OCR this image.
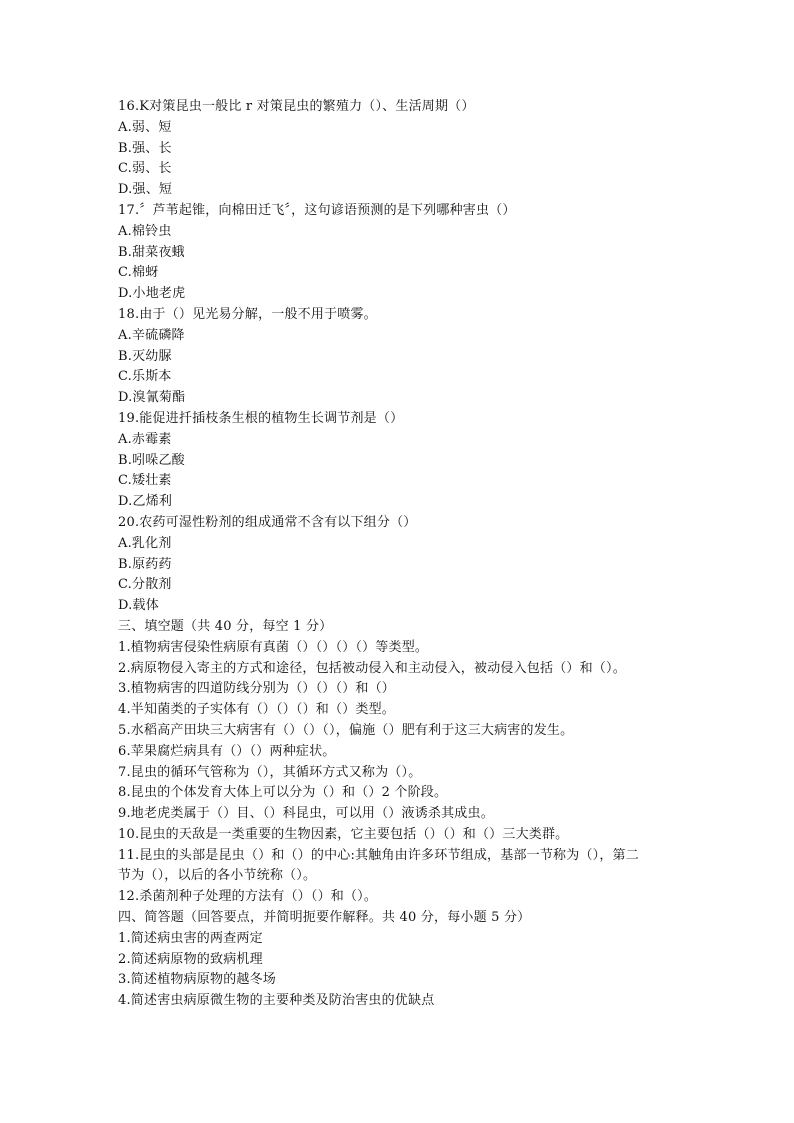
16.K对策昆虫一般比 r 对策昆虫的繁殖力（）、生活周期（）
A.弱、短
B.强、长
C.弱、长
D.强、短
17.〞芦苇起锥，向棉田迁飞〞，这句谚语预测的是下列哪种害虫（）
A.棉铃虫
B.甜菜夜蛾
C.棉蚜
D.小地老虎
18.由于（）见光易分解，一般不用于喷雾。
A.辛硫磷降
B.灭幼脲
C.乐斯本
D.溴氰菊酯
19.能促进扦插枝条生根的植物生长调节剂是（）
A.赤霉素
B.吲哚乙酸
C.矮壮素
D.乙烯利
20.农药可湿性粉剂的组成通常不含有以下组分（）
A.乳化剂
B.原药药
C.分散剂
D.载体
三、填空题（共 40 分，每空 1 分）
1.植物病害侵染性病原有真菌（）（）（）（）等类型。
2.病原物侵入寄主的方式和途径，包括被动侵入和主动侵入，被动侵入包括（）和（）。
3.植物病害的四道防线分别为（）（）（）和（）
4.半知菌类的子实体有（）（）（）和（）类型。
5.水稻高产田块三大病害有（）（）（），偏施（）肥有利于这三大病害的发生。
6.苹果腐烂病具有（）（）两种症状。
7.昆虫的循环气管称为（），其循环方式又称为（）。
8.昆虫的个体发育大体上可以分为（）和（）2 个阶段。
9.地老虎类属于（）目、（）科昆虫，可以用（）液诱杀其成虫。
10.昆虫的天敌是一类重要的生物因素，它主要包括（）（）和（）三大类群。
11.昆虫的头部是昆虫（）和（）的中心:其触角由许多环节组成，基部一节称为（），第二
节为（），以后的各小节统称（）。
12.杀菌剂种子处理的方法有（）（）和（）。
四、简答题（回答要点，并简明扼要作解释。共 40 分，每小题 5 分）
1.简述病虫害的两查两定
2.简述病原物的致病机理
3.简述植物病原物的越冬场
4.简述害虫病原微生物的主要种类及防治害虫的优缺点
